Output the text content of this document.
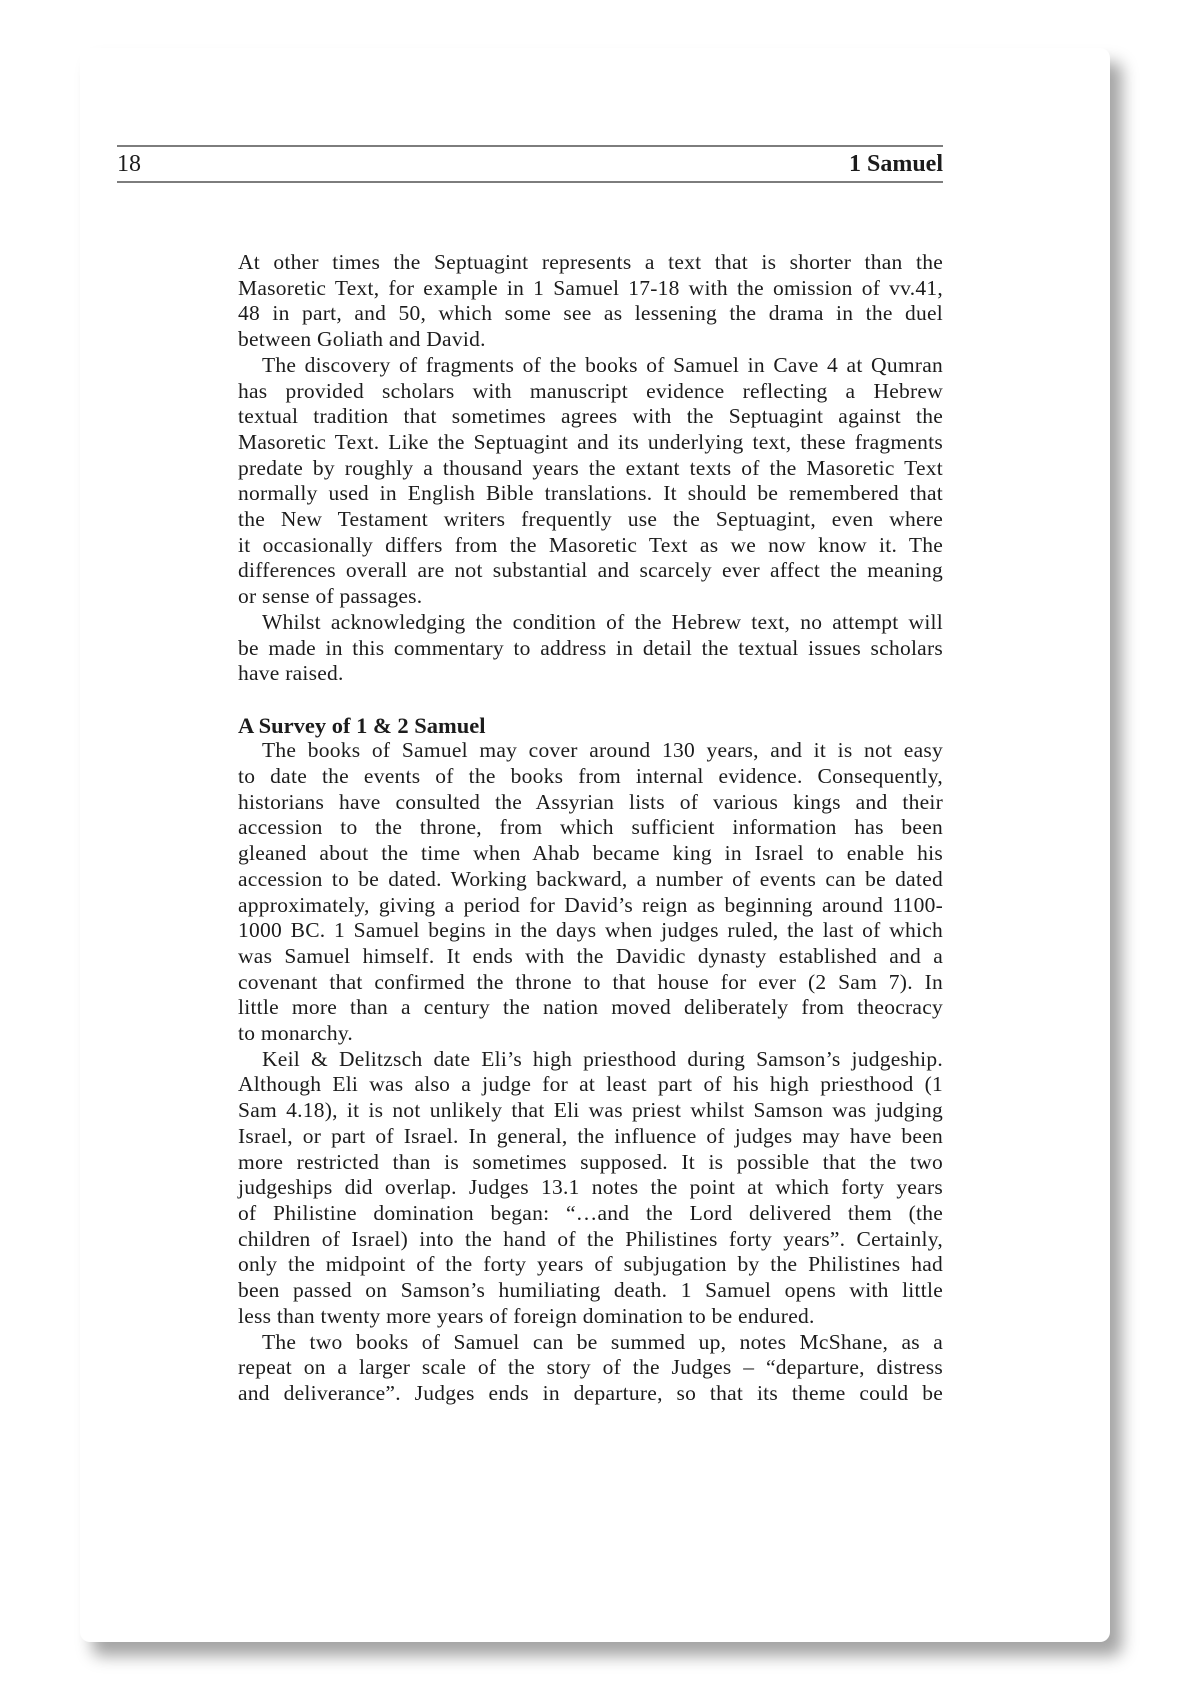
18	1 Samuel
At other times the Septuagint represents a text that is shorter than the
Masoretic Text, for example in 1 Samuel 17-18 with the omission of vv.41,
48 in part, and 50, which some see as lessening the drama in the duel
between Goliath and David.
The discovery of fragments of the books of Samuel in Cave 4 at Qumran
has provided scholars with manuscript evidence reflecting a Hebrew
textual tradition that sometimes agrees with the Septuagint against the
Masoretic Text. Like the Septuagint and its underlying text, these fragments
predate by roughly a thousand years the extant texts of the Masoretic Text
normally used in English Bible translations. It should be remembered that
the New Testament writers frequently use the Septuagint, even where
it occasionally differs from the Masoretic Text as we now know it. The
differences overall are not substantial and scarcely ever affect the meaning
or sense of passages.
Whilst acknowledging the condition of the Hebrew text, no attempt will
be made in this commentary to address in detail the textual issues scholars
have raised.
A Survey of 1 & 2 Samuel
The books of Samuel may cover around 130 years, and it is not easy
to date the events of the books from internal evidence. Consequently,
historians have consulted the Assyrian lists of various kings and their
accession to the throne, from which sufficient information has been
gleaned about the time when Ahab became king in Israel to enable his
accession to be dated. Working backward, a number of events can be dated
approximately, giving a period for David’s reign as beginning around 1100-
1000 BC. 1 Samuel begins in the days when judges ruled, the last of which
was Samuel himself. It ends with the Davidic dynasty established and a
covenant that confirmed the throne to that house for ever (2 Sam 7). In
little more than a century the nation moved deliberately from theocracy
to monarchy.
Keil & Delitzsch date Eli’s high priesthood during Samson’s judgeship.
Although Eli was also a judge for at least part of his high priesthood (1
Sam 4.18), it is not unlikely that Eli was priest whilst Samson was judging
Israel, or part of Israel. In general, the influence of judges may have been
more restricted than is sometimes supposed. It is possible that the two
judgeships did overlap. Judges 13.1 notes the point at which forty years
of Philistine domination began: “…and the Lord delivered them (the
children of Israel) into the hand of the Philistines forty years”. Certainly,
only the midpoint of the forty years of subjugation by the Philistines had
been passed on Samson’s humiliating death. 1 Samuel opens with little
less than twenty more years of foreign domination to be endured.
The two books of Samuel can be summed up, notes McShane, as a
repeat on a larger scale of the story of the Judges – “departure, distress
and deliverance”. Judges ends in departure, so that its theme could be
